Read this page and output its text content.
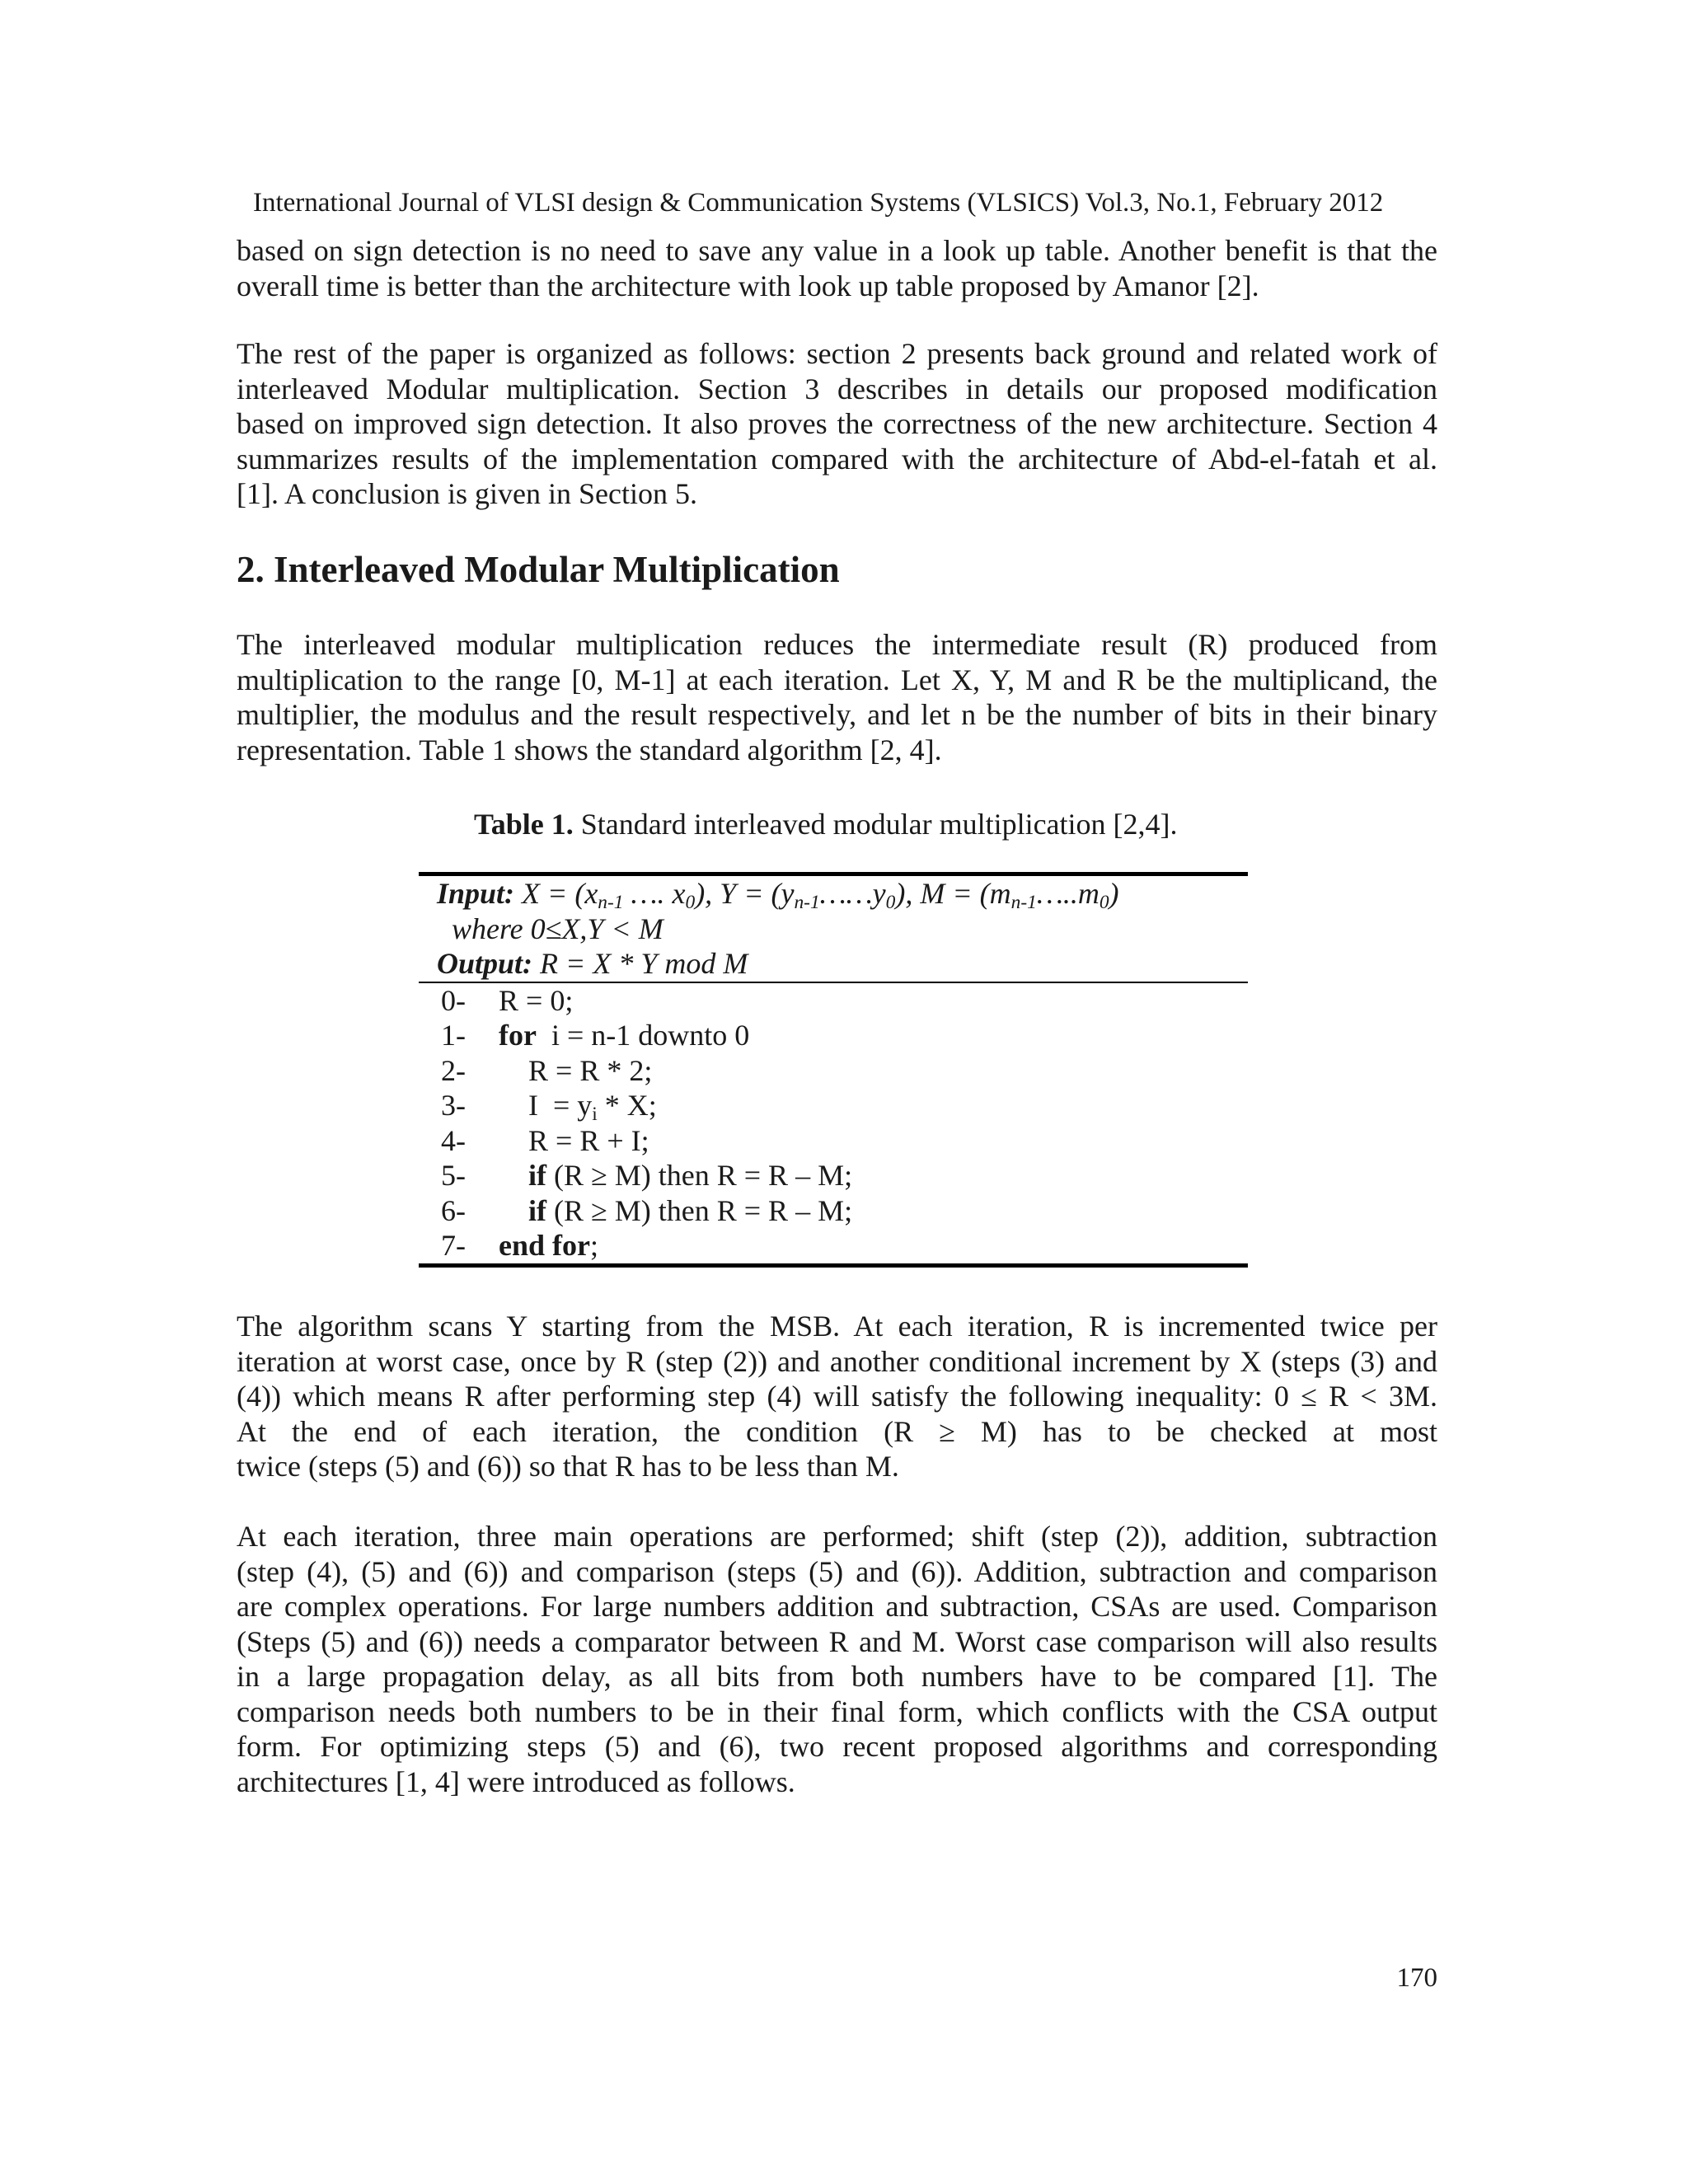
International Journal of VLSI design & Communication Systems (VLSICS) Vol.3, No.1, February 2012
based on sign detection is no need to save any value in a look up table. Another benefit is that the
overall time is better than the architecture with look up table proposed by Amanor [2].
The rest of the paper is organized as follows: section 2 presents back ground and related work of
interleaved Modular multiplication. Section 3 describes in details our proposed modification
based on improved sign detection. It also proves the correctness of the new architecture. Section 4
summarizes results of the implementation compared with the architecture of Abd-el-fatah et al.
[1]. A conclusion is given in Section 5.
2. Interleaved Modular Multiplication
The interleaved modular multiplication reduces the intermediate result (R) produced from
multiplication to the range [0, M-1] at each iteration. Let X, Y, M and R be the multiplicand, the
multiplier, the modulus and the result respectively, and let n be the number of bits in their binary
representation. Table 1 shows the standard algorithm [2, 4].
Table 1. Standard interleaved modular multiplication [2,4].
Input: $X = (x_{n-1}$ …. $x_0$), $Y = (y_{n-1}\dots\dots y_0)$, $M = (m_{n-1}\dots..m_0)$
where 0≤X,Y < M
Output: R = X * Y mod M
0-	R = 0;
1-	for  i = n-1 downto 0
2-	R = R * 2;
3-	$I = y_i * X$;
4-	R = R + I;
5-	if (R ≥ M) then R = R – M;
6-	if (R ≥ M) then R = R – M;
7-	end for;
The algorithm scans Y starting from the MSB. At each iteration, R is incremented twice per
iteration at worst case, once by R (step (2)) and another conditional increment by X (steps (3) and
(4)) which means R after performing step (4) will satisfy the following inequality: 0 ≤ R < 3M.
At the end of each iteration, the condition (R ≥ M) has to be checked at most
twice (steps (5) and (6)) so that R has to be less than M.
At each iteration, three main operations are performed; shift (step (2)), addition, subtraction
(step (4), (5) and (6)) and comparison (steps (5) and (6)). Addition, subtraction and comparison
are complex operations. For large numbers addition and subtraction, CSAs are used. Comparison
(Steps (5) and (6)) needs a comparator between R and M. Worst case comparison will also results
in a large propagation delay, as all bits from both numbers have to be compared [1]. The
comparison needs both numbers to be in their final form, which conflicts with the CSA output
form. For optimizing steps (5) and (6), two recent proposed algorithms and corresponding
architectures [1, 4] were introduced as follows.
170
